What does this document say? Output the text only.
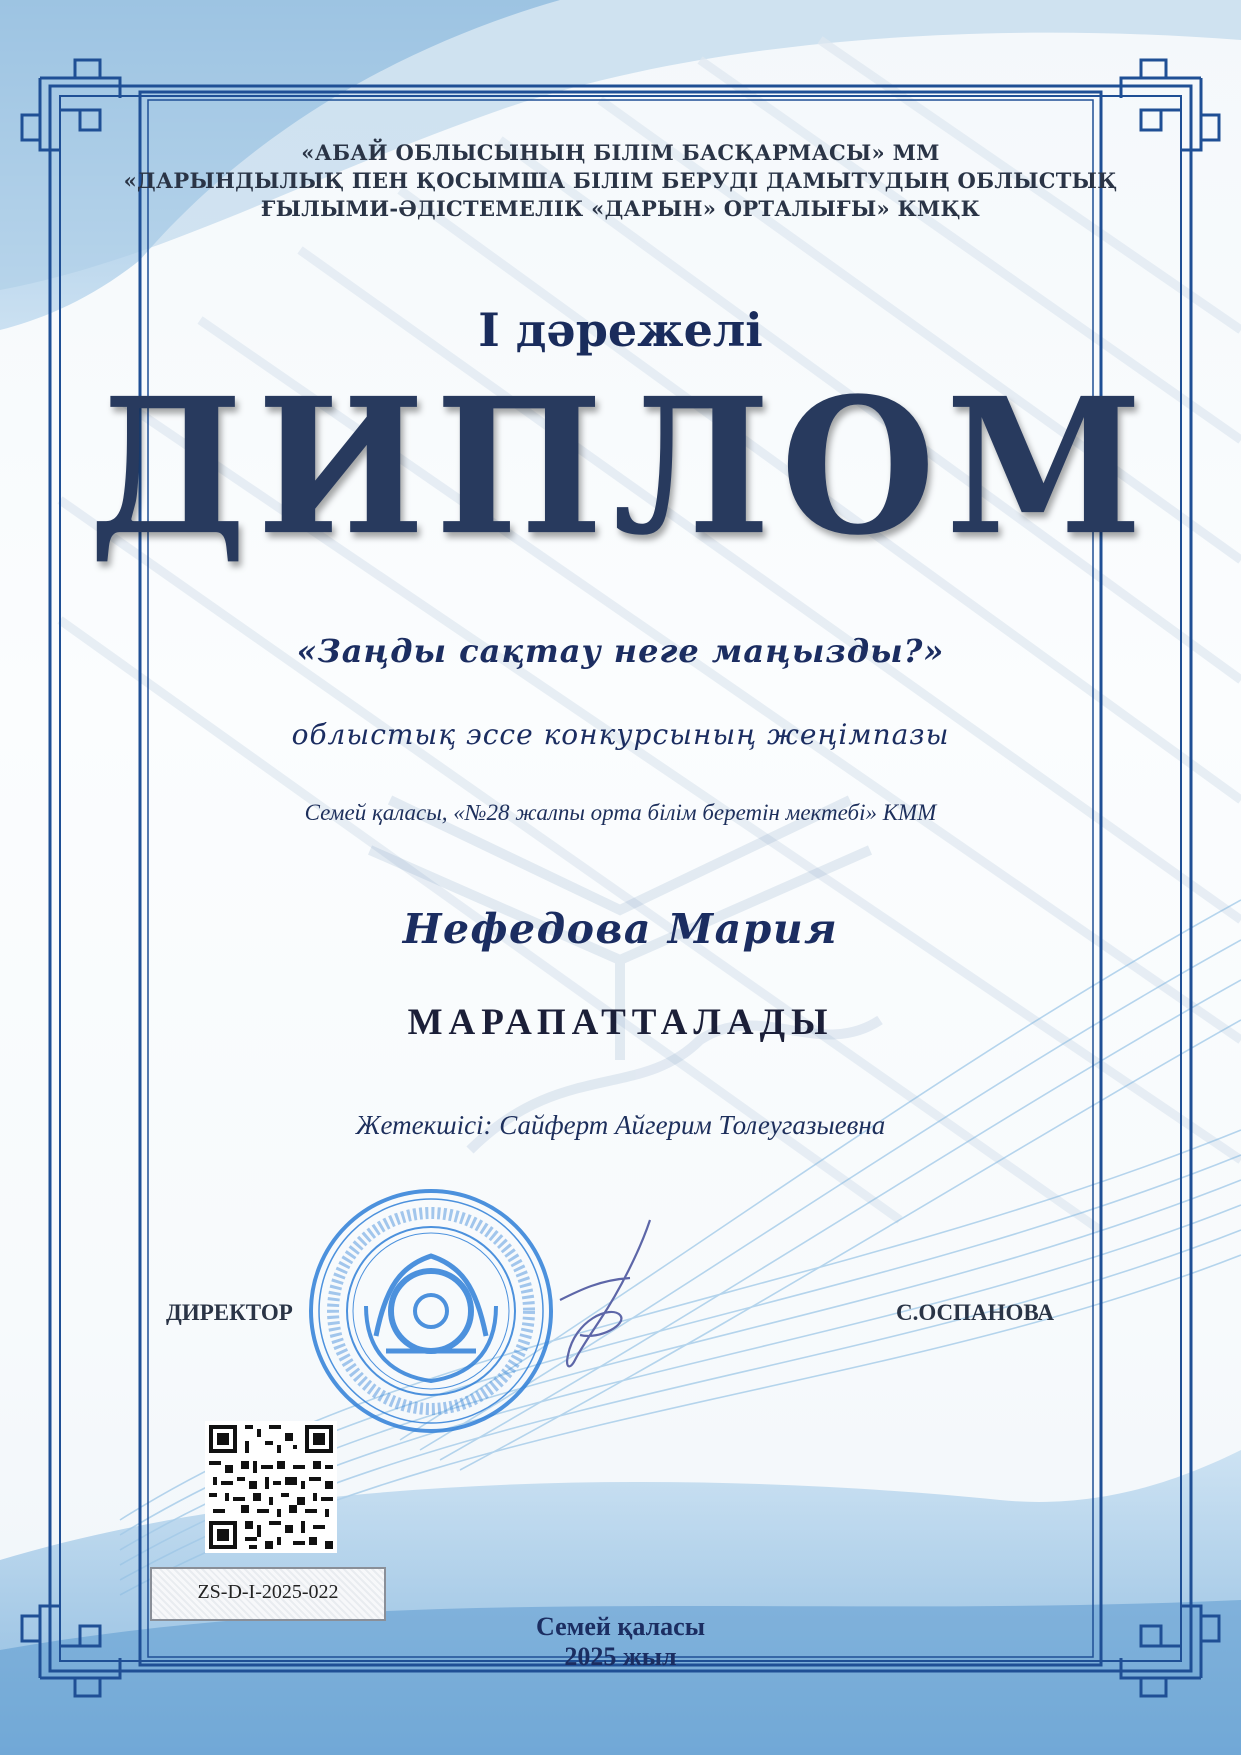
«АБАЙ ОБЛЫСЫНЫҢ БІЛІМ БАСҚАРМАСЫ» ММ
«ДАРЫНДЫЛЫҚ ПЕН ҚОСЫМША БІЛІМ БЕРУДІ ДАМЫТУДЫҢ ОБЛЫСТЫҚ
ҒЫЛЫМИ-ӘДІСТЕМЕЛІК «ДАРЫН» ОРТАЛЫҒЫ» КМҚК
І дәрежелі
ДИПЛОМ
«Заңды сақтау неге маңызды?»
облыстық эссе конкурсының жеңімпазы
Семей қаласы, «№28 жалпы орта білім беретін мектебі» КММ
Нефедова Мария
МАРАПАТТАЛАДЫ
Жетекшісі: Сайферт Айгерим Толеугазыевна
ДИРЕКТОР	С.ОСПАНОВА
ZS-D-I-2025-022
Семей қаласы
2025 жыл
